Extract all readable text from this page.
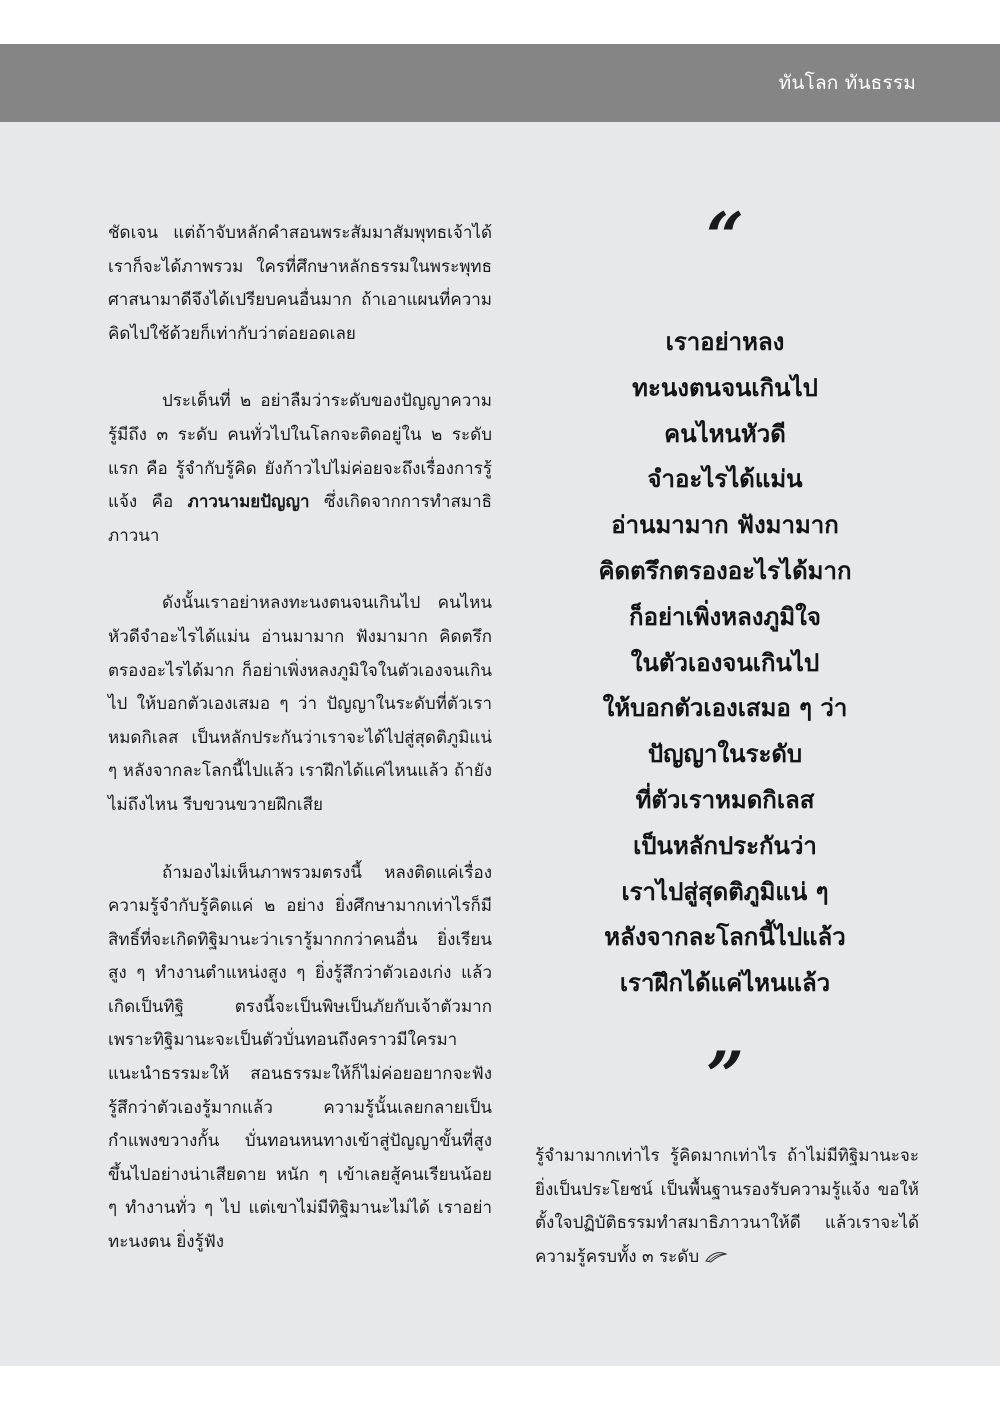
ทันโลก ทันธรรม

ชัดเจน แต่ถ้าจับหลักคำสอนพระสัมมาสัมพุทธเจ้าได้ เราก็จะได้ภาพรวม ใครที่ศึกษาหลักธรรมในพระพุทธศาสนามาดีจึงได้เปรียบคนอื่นมาก ถ้าเอาแผนที่ความคิดไปใช้ด้วยก็เท่ากับว่าต่อยอดเลย

ประเด็นที่ ๒ อย่าลืมว่าระดับของปัญญาความรู้มีถึง ๓ ระดับ คนทั่วไปในโลกจะติดอยู่ใน ๒ ระดับแรก คือ รู้จำกับรู้คิด ยังก้าวไปไม่ค่อยจะถึงเรื่องการรู้แจ้ง คือ ภาวนามยปัญญา ซึ่งเกิดจากการทำสมาธิภาวนา

ดังนั้นเราอย่าหลงทะนงตนจนเกินไป คนไหนหัวดีจำอะไรได้แม่น อ่านมามาก ฟังมามาก คิดตรึกตรองอะไรได้มาก ก็อย่าเพิ่งหลงภูมิใจในตัวเองจนเกินไป ให้บอกตัวเองเสมอ ๆ ว่า ปัญญาในระดับที่ตัวเราหมดกิเลส เป็นหลักประกันว่าเราจะได้ไปสู่สุดติภูมิแน่ ๆ หลังจากละโลกนี้ไปแล้ว เราฝึกได้แค่ไหนแล้ว ถ้ายังไม่ถึงไหน รีบขวนขวายฝึกเสีย

ถ้ามองไม่เห็นภาพรวมตรงนี้ หลงติดแค่เรื่องความรู้จำกับรู้คิดแค่ ๒ อย่าง ยิ่งศึกษามากเท่าไรก็มีสิทธิ์ที่จะเกิดทิฐิมานะว่าเรารู้มากกว่าคนอื่น ยิ่งเรียนสูง ๆ ทำงานตำแหน่งสูง ๆ ยิ่งรู้สึกว่าตัวเองเก่ง แล้วเกิดเป็นทิฐิ ตรงนี้จะเป็นพิษเป็นภัยกับเจ้าตัวมาก เพราะทิฐิมานะจะเป็นตัวบั่นทอนถึงคราวมีใครมาแนะนำธรรมะให้ สอนธรรมะให้ก็ไม่ค่อยอยากจะฟัง รู้สึกว่าตัวเองรู้มากแล้ว ความรู้นั้นเลยกลายเป็นกำแพงขวางกั้น บั่นทอนหนทางเข้าสู่ปัญญาขั้นที่สูงขึ้นไปอย่างน่าเสียดาย หนัก ๆ เข้าเลยสู้คนเรียนน้อย ๆ ทำงานทั่ว ๆ ไป แต่เขาไม่มีทิฐิมานะไม่ได้ เราอย่าทะนงตน ยิ่งรู้ฟัง

“
เราอย่าหลง
ทะนงตนจนเกินไป
คนไหนหัวดี
จำอะไรได้แม่น
อ่านมามาก ฟังมามาก
คิดตรึกตรองอะไรได้มาก
ก็อย่าเพิ่งหลงภูมิใจ
ในตัวเองจนเกินไป
ให้บอกตัวเองเสมอ ๆ ว่า
ปัญญาในระดับ
ที่ตัวเราหมดกิเลส
เป็นหลักประกันว่า
เราไปสู่สุดติภูมิแน่ ๆ
หลังจากละโลกนี้ไปแล้ว
เราฝึกได้แค่ไหนแล้ว
”
รู้จำมามากเท่าไร รู้คิดมากเท่าไร ถ้าไม่มีทิฐิมานะจะยิ่งเป็นประโยชน์ เป็นพื้นฐานรองรับความรู้แจ้ง ขอให้ตั้งใจปฏิบัติธรรมทำสมาธิภาวนาให้ดี แล้วเราจะได้ความรู้ครบทั้ง ๓ ระดับ
